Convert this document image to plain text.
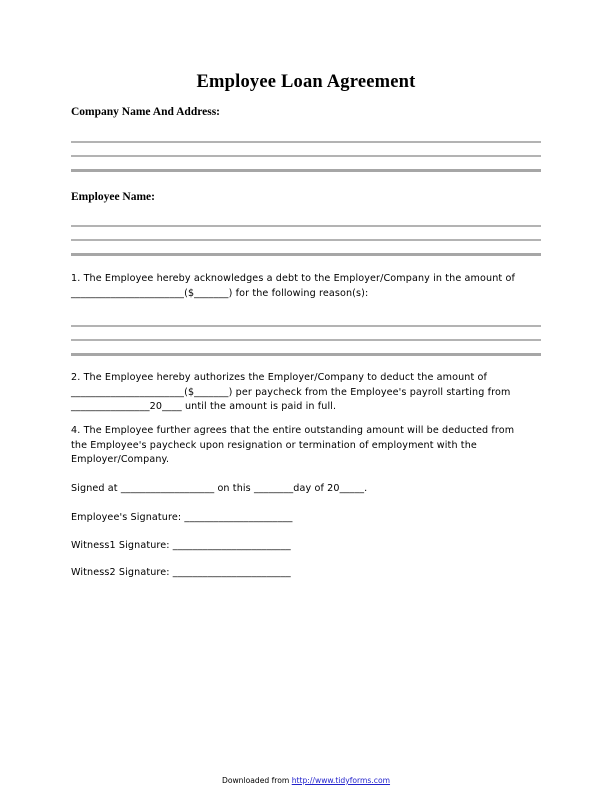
Employee Loan Agreement
Company Name And Address:
Employee Name:
1. The Employee hereby acknowledges a debt to the Employer/Company in the amount of _______________________($_______) for the following reason(s):
2. The Employee hereby authorizes the Employer/Company to deduct the amount of _______________________($_______) per paycheck from the Employee's payroll starting from ________________20____ until the amount is paid in full.
4. The Employee further agrees that the entire outstanding amount will be deducted from the Employee's paycheck upon resignation or termination of employment with the Employer/Company.
Signed at ___________________ on this ________day of 20_____.
Employee's Signature: ______________________
Witness1 Signature: ________________________
Witness2 Signature: ________________________
Downloaded from http://www.tidyforms.com
